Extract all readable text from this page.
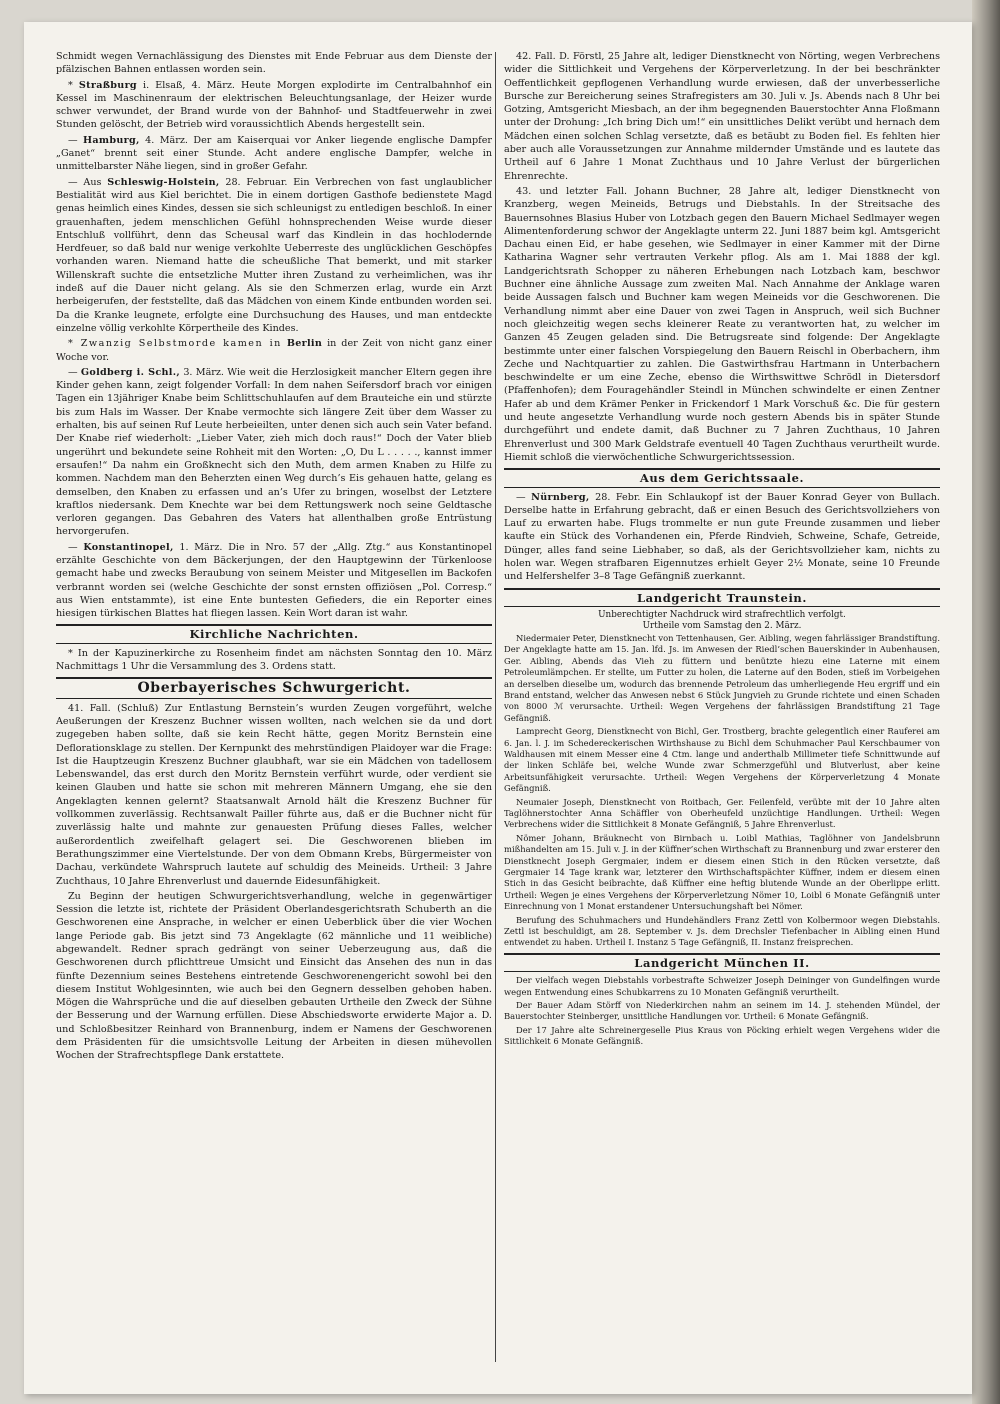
Schmidt wegen Vernachlässigung des Dienstes mit Ende Februar aus dem Dienste der pfälzischen Bahnen entlassen worden sein.

* Straßburg i. Elsaß, 4. März. Heute Morgen explodirte im Centralbahnhof ein Kessel im Maschinenraum der elektrischen Beleuchtungsanlage, der Heizer wurde schwer verwundet, der Brand wurde von der Bahnhof- und Stadtfeuerwehr in zwei Stunden gelöscht, der Betrieb wird voraussichtlich Abends hergestellt sein.

— Hamburg, 4. März. Der am Kaiserquai vor Anker liegende englische Dampfer „Ganet“ brennt seit einer Stunde. Acht andere englische Dampfer, welche in unmittelbarster Nähe liegen, sind in großer Gefahr.

— Aus Schleswig-Holstein, 28. Februar. Ein Verbrechen von fast unglaublicher Bestialität wird aus Kiel berichtet. Die in einem dortigen Gasthofe bedienstete Magd genas heimlich eines Kindes, dessen sie sich schleunigst zu entledigen beschloß. In einer grauenhaften, jedem menschlichen Gefühl hohnsprechenden Weise wurde dieser Entschluß vollführt, denn das Scheusal warf das Kindlein in das hochlodernde Herdfeuer, so daß bald nur wenige verkohlte Ueberreste des unglücklichen Geschöpfes vorhanden waren. Niemand hatte die scheußliche That bemerkt, und mit starker Willenskraft suchte die entsetzliche Mutter ihren Zustand zu verheimlichen, was ihr indeß auf die Dauer nicht gelang. Als sie den Schmerzen erlag, wurde ein Arzt herbeigerufen, der feststellte, daß das Mädchen von einem Kinde entbunden worden sei. Da die Kranke leugnete, erfolgte eine Durchsuchung des Hauses, und man entdeckte einzelne völlig verkohlte Körpertheile des Kindes.

* Zwanzig Selbstmorde kamen in Berlin in der Zeit von nicht ganz einer Woche vor.

— Goldberg i. Schl., 3. März. Wie weit die Herzlosigkeit mancher Eltern gegen ihre Kinder gehen kann, zeigt folgender Vorfall: In dem nahen Seifersdorf brach vor einigen Tagen ein 13jähriger Knabe beim Schlittschuhlaufen auf dem Brauteiche ein und stürzte bis zum Hals im Wasser. Der Knabe vermochte sich längere Zeit über dem Wasser zu erhalten, bis auf seinen Ruf Leute herbeieilten, unter denen sich auch sein Vater befand. Der Knabe rief wiederholt: „Lieber Vater, zieh mich doch raus!“ Doch der Vater blieb ungerührt und bekundete seine Rohheit mit den Worten: „O, Du L . . . . ., kannst immer ersaufen!“ Da nahm ein Großknecht sich den Muth, dem armen Knaben zu Hilfe zu kommen. Nachdem man den Beherzten einen Weg durch’s Eis gehauen hatte, gelang es demselben, den Knaben zu erfassen und an’s Ufer zu bringen, woselbst der Letztere kraftlos niedersank. Dem Knechte war bei dem Rettungswerk noch seine Geldtasche verloren gegangen. Das Gebahren des Vaters hat allenthalben große Entrüstung hervorgerufen.

— Konstantinopel, 1. März. Die in Nro. 57 der „Allg. Ztg.“ aus Konstantinopel erzählte Geschichte von dem Bäckerjungen, der den Hauptgewinn der Türkenloose gemacht habe und zwecks Beraubung von seinem Meister und Mitgesellen im Backofen verbrannt worden sei (welche Geschichte der sonst ernsten offiziösen „Pol. Corresp.“ aus Wien entstammte), ist eine Ente buntesten Gefieders, die ein Reporter eines hiesigen türkischen Blattes hat fliegen lassen. Kein Wort daran ist wahr.

Kirchliche Nachrichten.

* In der Kapuzinerkirche zu Rosenheim findet am nächsten Sonntag den 10. März Nachmittags 1 Uhr die Versammlung des 3. Ordens statt.

Oberbayerisches Schwurgericht.

41. Fall. (Schluß) Zur Entlastung Bernstein’s wurden Zeugen vorgeführt, welche Aeußerungen der Kreszenz Buchner wissen wollten, nach welchen sie da und dort zugegeben haben sollte, daß sie kein Recht hätte, gegen Moritz Bernstein eine Deflorationsklage zu stellen. Der Kernpunkt des mehrstündigen Plaidoyer war die Frage: Ist die Hauptzeugin Kreszenz Buchner glaubhaft, war sie ein Mädchen von tadellosem Lebenswandel, das erst durch den Moritz Bernstein verführt wurde, oder verdient sie keinen Glauben und hatte sie schon mit mehreren Männern Umgang, ehe sie den Angeklagten kennen gelernt? Staatsanwalt Arnold hält die Kreszenz Buchner für vollkommen zuverlässig. Rechtsanwalt Pailler führte aus, daß er die Buchner nicht für zuverlässig halte und mahnte zur genauesten Prüfung dieses Falles, welcher außerordentlich zweifelhaft gelagert sei. Die Geschworenen blieben im Berathungszimmer eine Viertelstunde. Der von dem Obmann Krebs, Bürgermeister von Dachau, verkündete Wahrspruch lautete auf schuldig des Meineids. Urtheil: 3 Jahre Zuchthaus, 10 Jahre Ehrenverlust und dauernde Eidesunfähigkeit.

Zu Beginn der heutigen Schwurgerichtsverhandlung, welche in gegenwärtiger Session die letzte ist, richtete der Präsident Oberlandesgerichtsrath Schuberth an die Geschworenen eine Ansprache, in welcher er einen Ueberblick über die vier Wochen lange Periode gab. Bis jetzt sind 73 Angeklagte (62 männliche und 11 weibliche) abgewandelt. Redner sprach gedrängt von seiner Ueberzeugung aus, daß die Geschworenen durch pflichttreue Umsicht und Einsicht das Ansehen des nun in das fünfte Dezennium seines Bestehens eintretende Geschworenengericht sowohl bei den diesem Institut Wohlgesinnten, wie auch bei den Gegnern desselben gehoben haben. Mögen die Wahrsprüche und die auf dieselben gebauten Urtheile den Zweck der Sühne der Besserung und der Warnung erfüllen. Diese Abschiedsworte erwiderte Major a. D. und Schloßbesitzer Reinhard von Brannenburg, indem er Namens der Geschworenen dem Präsidenten für die umsichtsvolle Leitung der Arbeiten in diesen mühevollen Wochen der Strafrechtspflege Dank erstattete.

42. Fall. D. Förstl, 25 Jahre alt, lediger Dienstknecht von Nörting, wegen Verbrechens wider die Sittlichkeit und Vergehens der Körperverletzung. In der bei beschränkter Oeffentlichkeit gepflogenen Verhandlung wurde erwiesen, daß der unverbesserliche Bursche zur Bereicherung seines Strafregisters am 30. Juli v. Js. Abends nach 8 Uhr bei Gotzing, Amtsgericht Miesbach, an der ihm begegnenden Bauerstochter Anna Floßmann unter der Drohung: „Ich bring Dich um!“ ein unsittliches Delikt verübt und hernach dem Mädchen einen solchen Schlag versetzte, daß es betäubt zu Boden fiel. Es fehlten hier aber auch alle Voraussetzungen zur Annahme mildernder Umstände und es lautete das Urtheil auf 6 Jahre 1 Monat Zuchthaus und 10 Jahre Verlust der bürgerlichen Ehrenrechte.

43. und letzter Fall. Johann Buchner, 28 Jahre alt, lediger Dienstknecht von Kranzberg, wegen Meineids, Betrugs und Diebstahls. In der Streitsache des Bauernsohnes Blasius Huber von Lotzbach gegen den Bauern Michael Sedlmayer wegen Alimentenforderung schwor der Angeklagte unterm 22. Juni 1887 beim kgl. Amtsgericht Dachau einen Eid, er habe gesehen, wie Sedlmayer in einer Kammer mit der Dirne Katharina Wagner sehr vertrauten Verkehr pflog. Als am 1. Mai 1888 der kgl. Landgerichtsrath Schopper zu näheren Erhebungen nach Lotzbach kam, beschwor Buchner eine ähnliche Aussage zum zweiten Mal. Nach Annahme der Anklage waren beide Aussagen falsch und Buchner kam wegen Meineids vor die Geschworenen. Die Verhandlung nimmt aber eine Dauer von zwei Tagen in Anspruch, weil sich Buchner noch gleichzeitig wegen sechs kleinerer Reate zu verantworten hat, zu welcher im Ganzen 45 Zeugen geladen sind. Die Betrugsreate sind folgende: Der Angeklagte bestimmte unter einer falschen Vorspiegelung den Bauern Reischl in Oberbachern, ihm Zeche und Nachtquartier zu zahlen. Die Gastwirthsfrau Hartmann in Unterbachern beschwindelte er um eine Zeche, ebenso die Wirthswittwe Schrödl in Dietersdorf (Pfaffenhofen); dem Fouragehändler Steindl in München schwindelte er einen Zentner Hafer ab und dem Krämer Penker in Frickendorf 1 Mark Vorschuß &c. Die für gestern und heute angesetzte Verhandlung wurde noch gestern Abends bis in später Stunde durchgeführt und endete damit, daß Buchner zu 7 Jahren Zuchthaus, 10 Jahren Ehrenverlust und 300 Mark Geldstrafe eventuell 40 Tagen Zuchthaus verurtheilt wurde. Hiemit schloß die vierwöchentliche Schwurgerichtssession.

Aus dem Gerichtssaale.

— Nürnberg, 28. Febr. Ein Schlaukopf ist der Bauer Konrad Geyer von Bullach. Derselbe hatte in Erfahrung gebracht, daß er einen Besuch des Gerichtsvollziehers von Lauf zu erwarten habe. Flugs trommelte er nun gute Freunde zusammen und lieber kaufte ein Stück des Vorhandenen ein, Pferde Rindvieh, Schweine, Schafe, Getreide, Dünger, alles fand seine Liebhaber, so daß, als der Gerichtsvollzieher kam, nichts zu holen war. Wegen strafbaren Eigennutzes erhielt Geyer 2½ Monate, seine 10 Freunde und Helfershelfer 3–8 Tage Gefängniß zuerkannt.

Landgericht Traunstein.

Unberechtigter Nachdruck wird strafrechtlich verfolgt.

Urtheile vom Samstag den 2. März.

Niedermaier Peter, Dienstknecht von Tettenhausen, Ger. Aibling, wegen fahrlässiger Brandstiftung. Der Angeklagte hatte am 15. Jan. lfd. Js. im Anwesen der Riedl’schen Bauerskinder in Aubenhausen, Ger. Aibling, Abends das Vieh zu füttern und benützte hiezu eine Laterne mit einem Petroleumlämpchen. Er stellte, um Futter zu holen, die Laterne auf den Boden, stieß im Vorbeigehen an derselben dieselbe um, wodurch das brennende Petroleum das umherliegende Heu ergriff und ein Brand entstand, welcher das Anwesen nebst 6 Stück Jungvieh zu Grunde richtete und einen Schaden von 8000 ℳ verursachte. Urtheil: Wegen Vergehens der fahrlässigen Brandstiftung 21 Tage Gefängniß.

Lamprecht Georg, Dienstknecht von Bichl, Ger. Trostberg, brachte gelegentlich einer Rauferei am 6. Jan. l. J. im Schedereckerischen Wirthshause zu Bichl dem Schuhmacher Paul Kerschbaumer von Waldhausen mit einem Messer eine 4 Ctm. lange und anderthalb Millimeter tiefe Schnittwunde auf der linken Schläfe bei, welche Wunde zwar Schmerzgefühl und Blutverlust, aber keine Arbeitsunfähigkeit verursachte. Urtheil: Wegen Vergehens der Körperverletzung 4 Monate Gefängniß.

Neumaier Joseph, Dienstknecht von Roitbach, Ger. Feilenfeld, verübte mit der 10 Jahre alten Taglöhnerstochter Anna Schäffler von Oberheufeld unzüchtige Handlungen. Urtheil: Wegen Verbrechens wider die Sittlichkeit 8 Monate Gefängniß, 5 Jahre Ehrenverlust.

Nömer Johann, Bräuknecht von Birnbach u. Loibl Mathias, Taglöhner von Jandelsbrunn mißhandelten am 15. Juli v. J. in der Küffner’schen Wirthschaft zu Brannenburg und zwar ersterer den Dienstknecht Joseph Gergmaier, indem er diesem einen Stich in den Rücken versetzte, daß Gergmaier 14 Tage krank war, letzterer den Wirthschaftspächter Küffner, indem er diesem einen Stich in das Gesicht beibrachte, daß Küffner eine heftig blutende Wunde an der Oberlippe erlitt. Urtheil: Wegen je eines Vergehens der Körperverletzung Nömer 10, Loibl 6 Monate Gefängniß unter Einrechnung von 1 Monat erstandener Untersuchungshaft bei Nömer.

Berufung des Schuhmachers und Hundehändlers Franz Zettl von Kolbermoor wegen Diebstahls. Zettl ist beschuldigt, am 28. September v. Js. dem Drechsler Tiefenbacher in Aibling einen Hund entwendet zu haben. Urtheil I. Instanz 5 Tage Gefängniß, II. Instanz freisprechen.

Landgericht München II.

Der vielfach wegen Diebstahls vorbestrafte Schweizer Joseph Deininger von Gundelfingen wurde wegen Entwendung eines Schubkarrens zu 10 Monaten Gefängniß verurtheilt.

Der Bauer Adam Störff von Niederkirchen nahm an seinem im 14. J. stehenden Mündel, der Bauerstochter Steinberger, unsittliche Handlungen vor. Urtheil: 6 Monate Gefängniß.

Der 17 Jahre alte Schreinergeselle Pius Kraus von Pöcking erhielt wegen Vergehens wider die Sittlichkeit 6 Monate Gefängniß.
